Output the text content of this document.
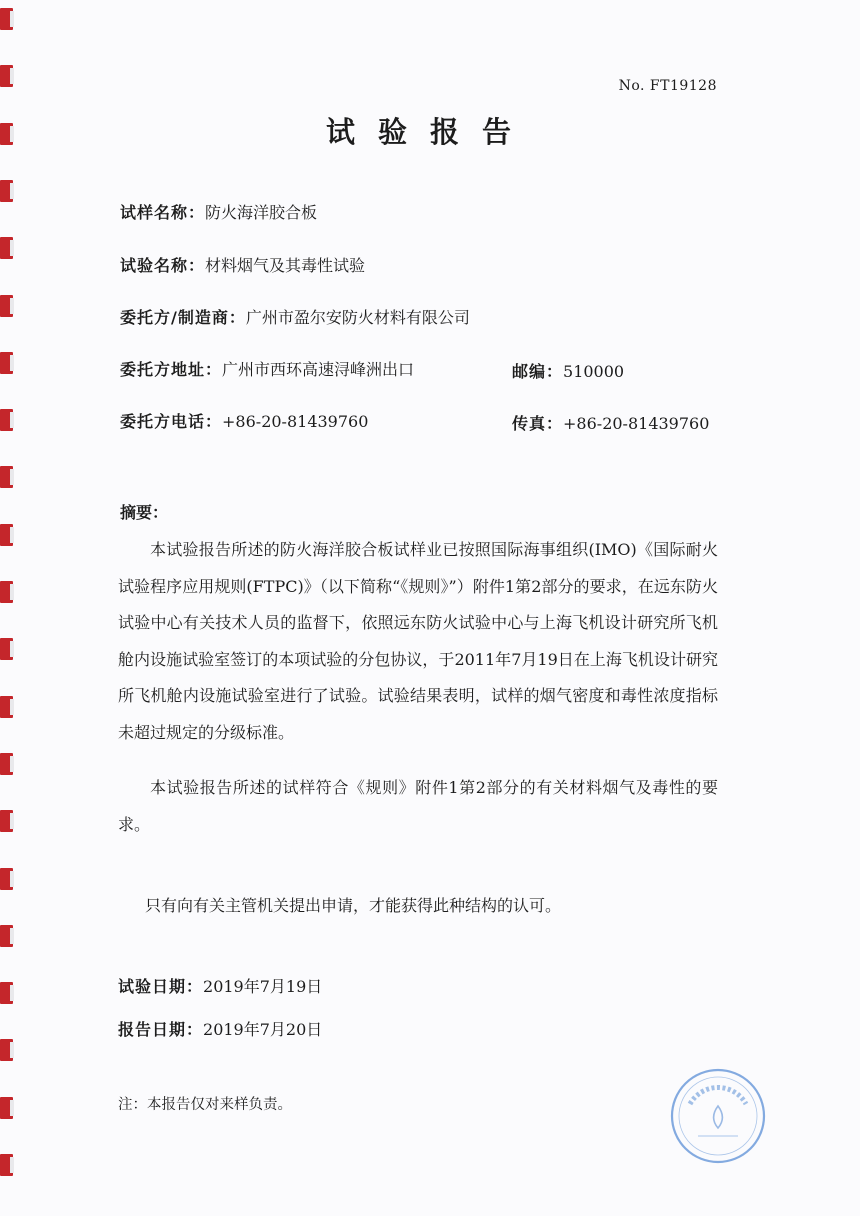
No. FT19128
试验报告
试样名称：防火海洋胶合板
试验名称：材料烟气及其毒性试验
委托方/制造商：广州市盈尔安防火材料有限公司
委托方地址：广州市西环高速浔峰洲出口	邮编：510000
委托方电话：+86-20-81439760	传真：+86-20-81439760
摘要：
本试验报告所述的防火海洋胶合板试样业已按照国际海事组织(IMO)《国际耐火试验程序应用规则(FTPC)》（以下简称“《规则》”）附件1第2部分的要求，在远东防火试验中心有关技术人员的监督下，依照远东防火试验中心与上海飞机设计研究所飞机舱内设施试验室签订的本项试验的分包协议，于2011年7月19日在上海飞机设计研究所飞机舱内设施试验室进行了试验。试验结果表明，试样的烟气密度和毒性浓度指标未超过规定的分级标准。
本试验报告所述的试样符合《规则》附件1第2部分的有关材料烟气及毒性的要求。
只有向有关主管机关提出申请，才能获得此种结构的认可。
试验日期：2019年7月19日
报告日期：2019年7月20日
注：本报告仅对来样负责。
